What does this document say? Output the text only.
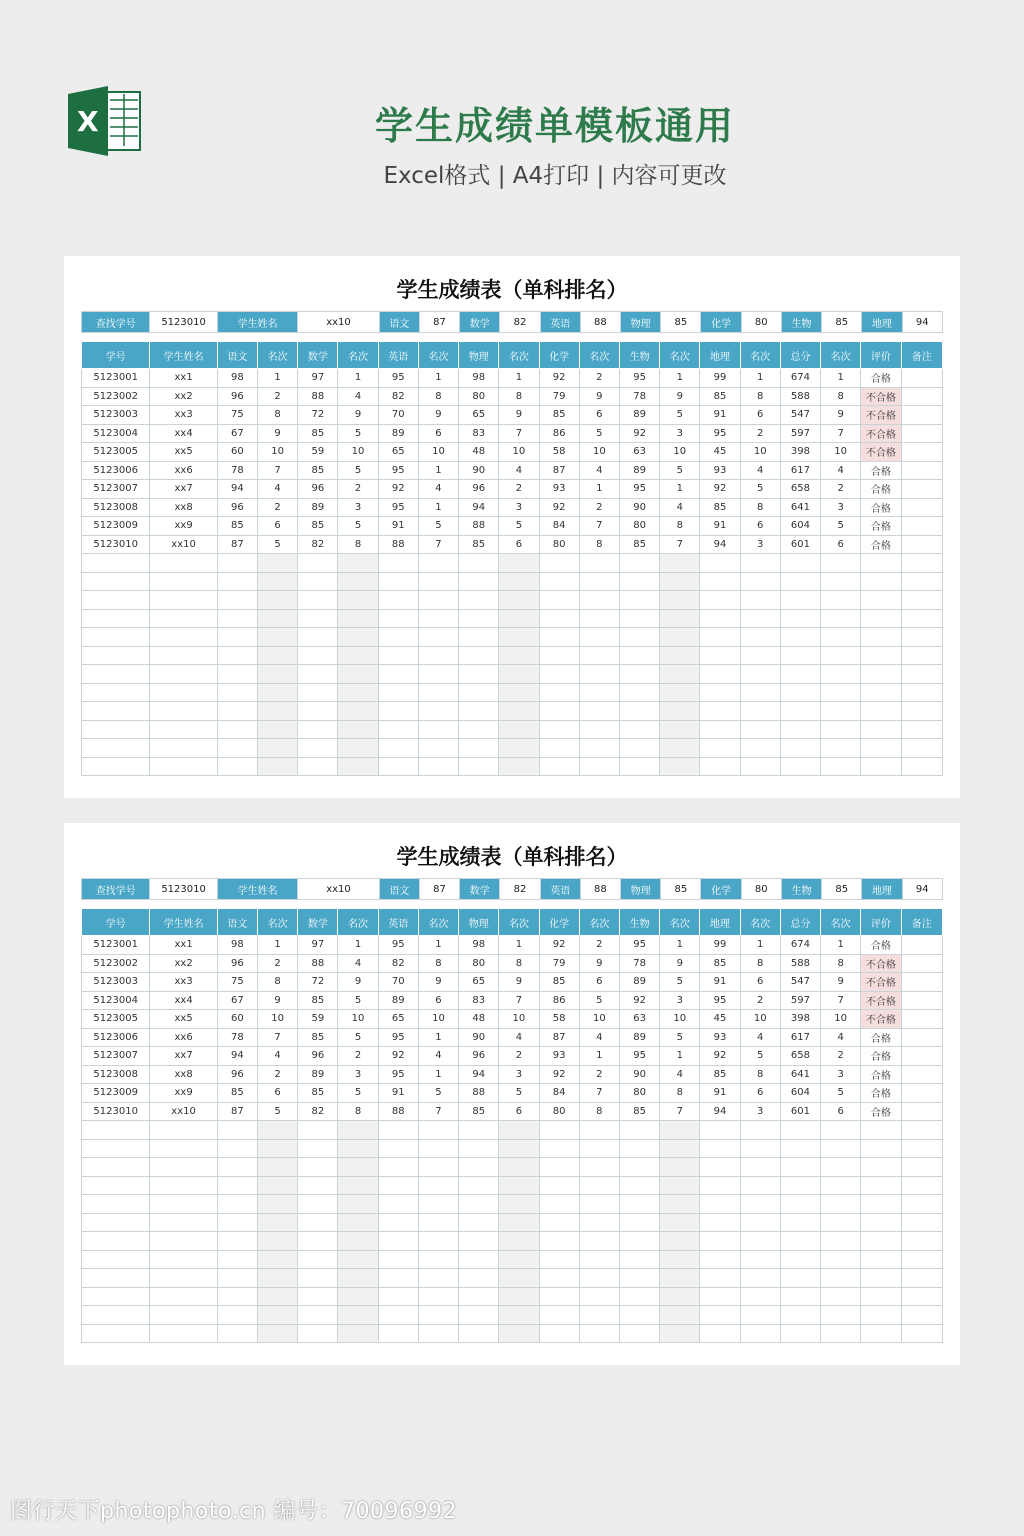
X	学生成绩单模板通用
Excel格式 | A4打印 | 内容可更改
学生成绩表（单科排名）
查找学号	5123010	学生姓名	xx10	语文	87	数学	82	英语	88	物理	85	化学	80	生物	85	地理	94
学号	学生姓名	语文	名次	数学	名次	英语	名次	物理	名次	化学	名次	生物	名次	地理	名次	总分	名次	评价	备注
5123001	xx1	98	1	97	1	95	1	98	1	92	2	95	1	99	1	674	1	合格	
5123002	xx2	96	2	88	4	82	8	80	8	79	9	78	9	85	8	588	8	不合格	
5123003	xx3	75	8	72	9	70	9	65	9	85	6	89	5	91	6	547	9	不合格	
5123004	xx4	67	9	85	5	89	6	83	7	86	5	92	3	95	2	597	7	不合格	
5123005	xx5	60	10	59	10	65	10	48	10	58	10	63	10	45	10	398	10	不合格	
5123006	xx6	78	7	85	5	95	1	90	4	87	4	89	5	93	4	617	4	合格	
5123007	xx7	94	4	96	2	92	4	96	2	93	1	95	1	92	5	658	2	合格	
5123008	xx8	96	2	89	3	95	1	94	3	92	2	90	4	85	8	641	3	合格	
5123009	xx9	85	6	85	5	91	5	88	5	84	7	80	8	91	6	604	5	合格	
5123010	xx10	87	5	82	8	88	7	85	6	80	8	85	7	94	3	601	6	合格	

学生成绩表（单科排名）
查找学号	5123010	学生姓名	xx10	语文	87	数学	82	英语	88	物理	85	化学	80	生物	85	地理	94
学号	学生姓名	语文	名次	数学	名次	英语	名次	物理	名次	化学	名次	生物	名次	地理	名次	总分	名次	评价	备注
5123001	xx1	98	1	97	1	95	1	98	1	92	2	95	1	99	1	674	1	合格	
5123002	xx2	96	2	88	4	82	8	80	8	79	9	78	9	85	8	588	8	不合格	
5123003	xx3	75	8	72	9	70	9	65	9	85	6	89	5	91	6	547	9	不合格	
5123004	xx4	67	9	85	5	89	6	83	7	86	5	92	3	95	2	597	7	不合格	
5123005	xx5	60	10	59	10	65	10	48	10	58	10	63	10	45	10	398	10	不合格	
5123006	xx6	78	7	85	5	95	1	90	4	87	4	89	5	93	4	617	4	合格	
5123007	xx7	94	4	96	2	92	4	96	2	93	1	95	1	92	5	658	2	合格	
5123008	xx8	96	2	89	3	95	1	94	3	92	2	90	4	85	8	641	3	合格	
5123009	xx9	85	6	85	5	91	5	88	5	84	7	80	8	91	6	604	5	合格	
5123010	xx10	87	5	82	8	88	7	85	6	80	8	85	7	94	3	601	6	合格	

图行天下photophoto.cn 编号：70096992
